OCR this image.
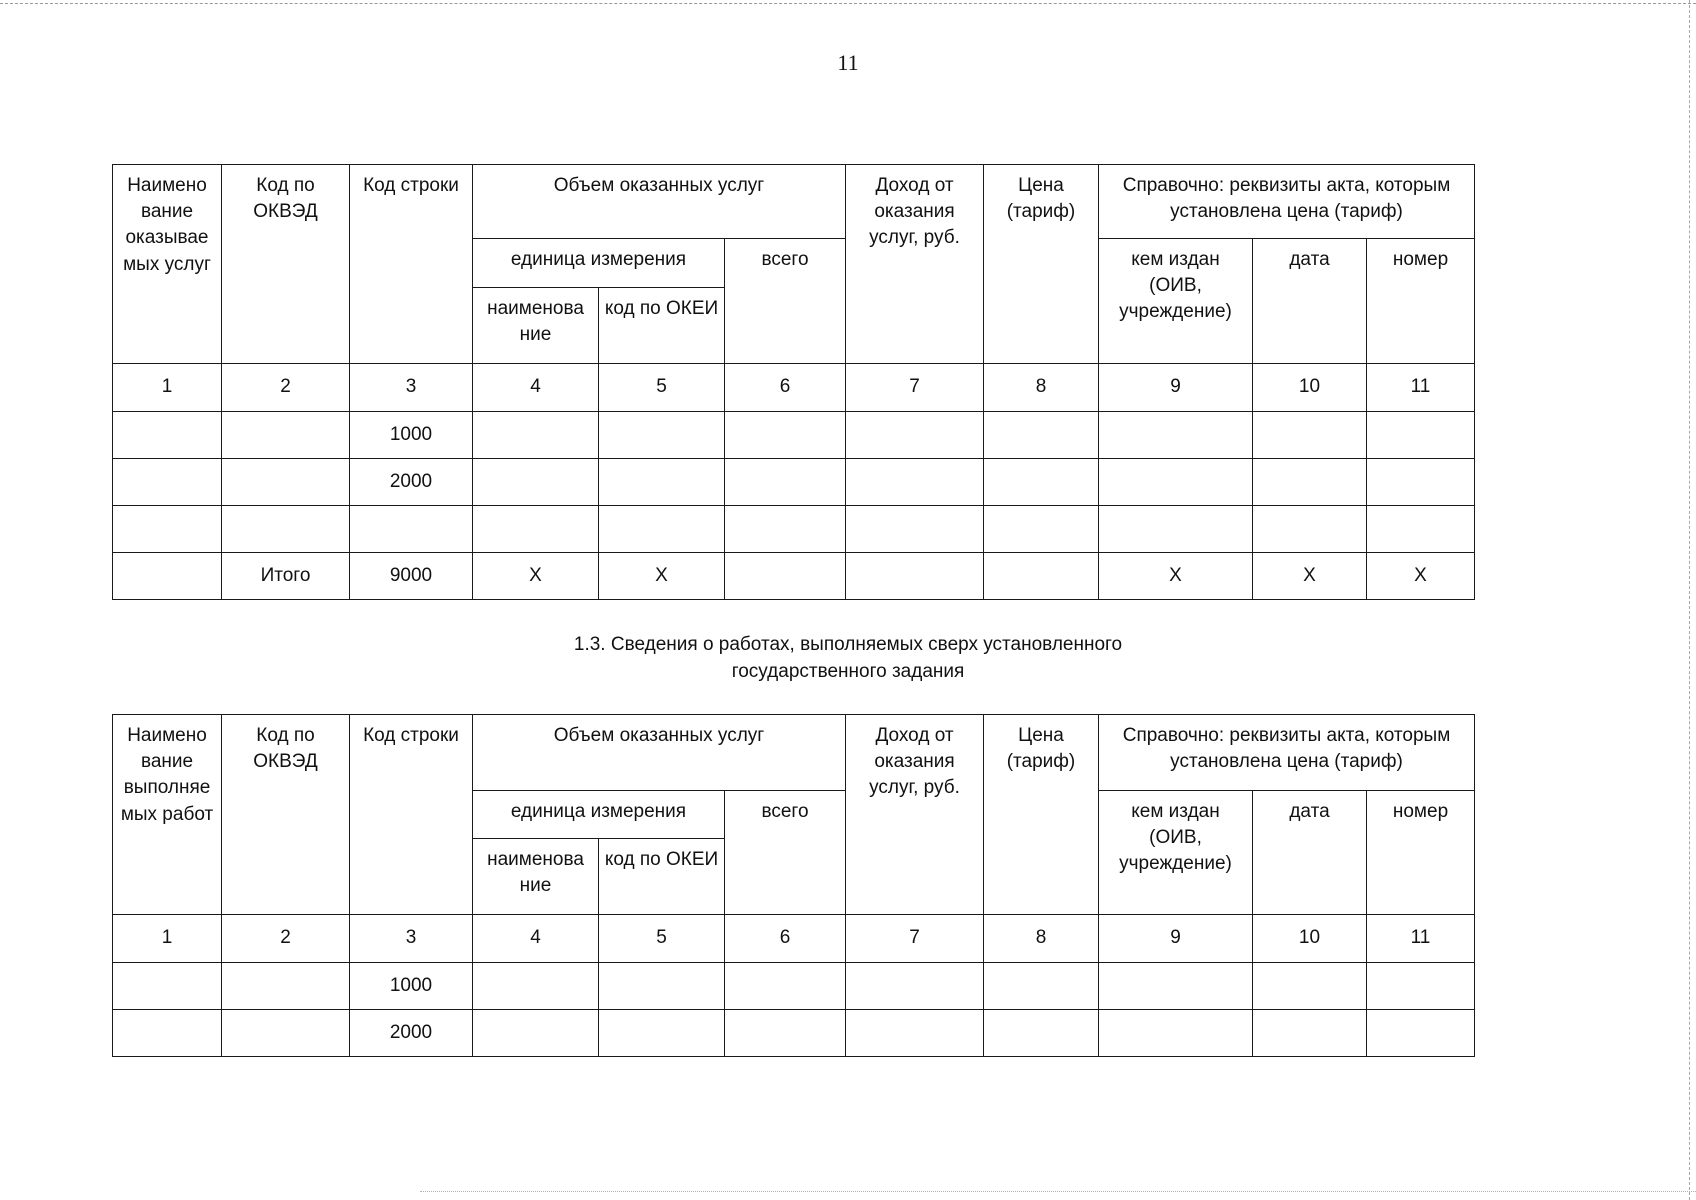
11
Наимено вание оказывае мых услуг	Код по ОКВЭД	Код строки	Объем оказанных услуг			Доход от оказания услуг, руб.	Цена (тариф)	Справочно: реквизиты акта, которым установлена цена (тариф)		
			единица измерения		всего			кем издан (ОИВ, учреждение)	дата	номер
			наименова ние	код по ОКЕИ						
1	2	3	4	5	6	7	8	9	10	11
		1000								
		2000								

	Итого	9000	Х	Х				Х	Х	Х
1.3. Сведения о работах, выполняемых сверх установленного
государственного задания
Наимено вание выполняе мых работ	Код по ОКВЭД	Код строки	Объем оказанных услуг			Доход от оказания услуг, руб.	Цена (тариф)	Справочно: реквизиты акта, которым установлена цена (тариф)		
			единица измерения		всего			кем издан (ОИВ, учреждение)	дата	номер
			наименова ние	код по ОКЕИ						
1	2	3	4	5	6	7	8	9	10	11
		1000								
		2000								
